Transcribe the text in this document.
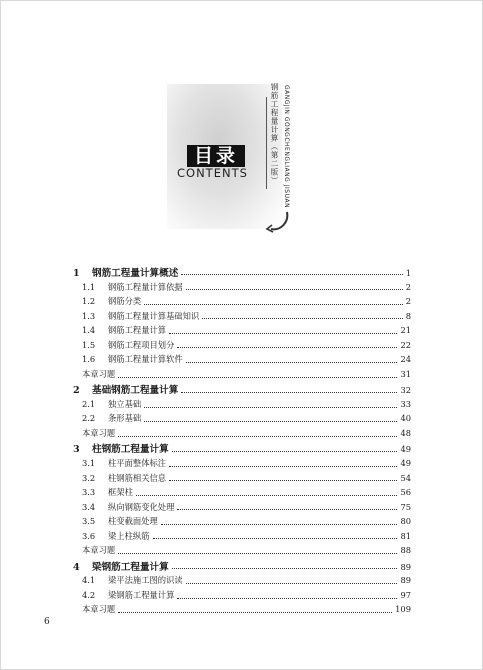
目录
CONTENTS	钢筋工程量计算（第二版） GANGJIN GONGCHENGLIANG JISUAN
1	钢筋工程量计算概述	1
1.1	钢筋工程量计算依据	2
1.2	钢筋分类	2
1.3	钢筋工程量计算基础知识	8
1.4	钢筋工程量计算	21
1.5	钢筋工程项目划分	22
1.6	钢筋工程量计算软件	24
本章习题	31
2	基础钢筋工程量计算	32
2.1	独立基础	33
2.2	条形基础	40
本章习题	48
3	柱钢筋工程量计算	49
3.1	柱平面整体标注	49
3.2	柱钢筋相关信息	54
3.3	框架柱	56
3.4	纵向钢筋变化处理	75
3.5	柱变截面处理	80
3.6	梁上柱纵筋	81
本章习题	88
4	梁钢筋工程量计算	89
4.1	梁平法施工图的识读	89
4.2	梁钢筋工程量计算	97
本章习题	109
6
